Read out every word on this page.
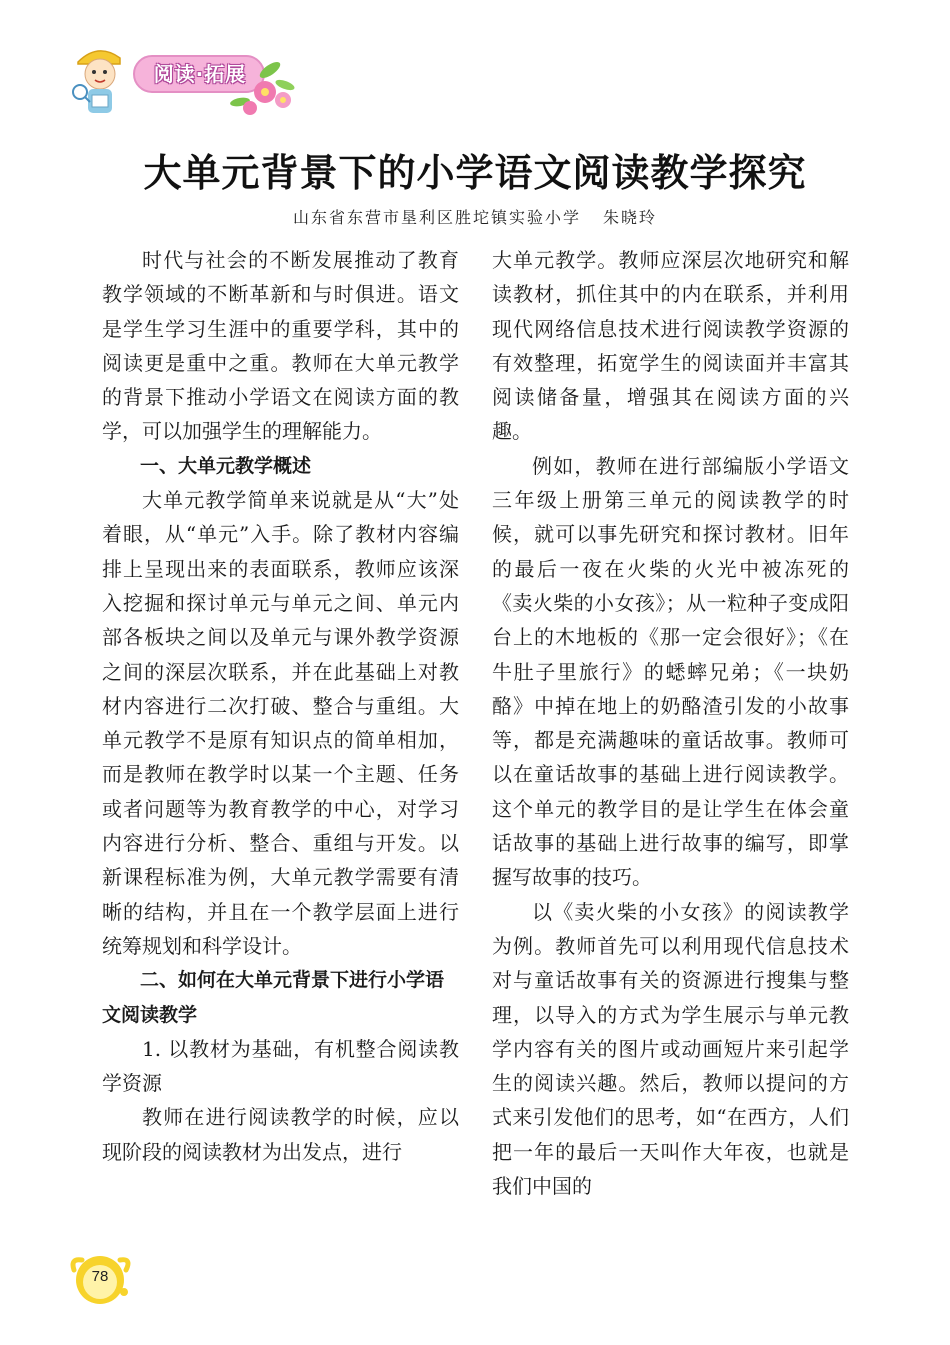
阅读·拓展
大单元背景下的小学语文阅读教学探究
山东省东营市垦利区胜坨镇实验小学 朱晓玲

时代与社会的不断发展推动了教育教学领域的不断革新和与时俱进。语文是学生学习生涯中的重要学科，其中的阅读更是重中之重。教师在大单元教学的背景下推动小学语文在阅读方面的教学，可以加强学生的理解能力。

一、大单元教学概述

大单元教学简单来说就是从“大”处着眼，从“单元”入手。除了教材内容编排上呈现出来的表面联系，教师应该深入挖掘和探讨单元与单元之间、单元内部各板块之间以及单元与课外教学资源之间的深层次联系，并在此基础上对教材内容进行二次打破、整合与重组。大单元教学不是原有知识点的简单相加，而是教师在教学时以某一个主题、任务或者问题等为教育教学的中心，对学习内容进行分析、整合、重组与开发。以新课程标准为例，大单元教学需要有清晰的结构，并且在一个教学层面上进行统筹规划和科学设计。

二、如何在大单元背景下进行小学语文阅读教学

1. 以教材为基础，有机整合阅读教学资源

教师在进行阅读教学的时候，应以现阶段的阅读教材为出发点，进行

大单元教学。教师应深层次地研究和解读教材，抓住其中的内在联系，并利用现代网络信息技术进行阅读教学资源的有效整理，拓宽学生的阅读面并丰富其阅读储备量，增强其在阅读方面的兴趣。

例如，教师在进行部编版小学语文三年级上册第三单元的阅读教学的时候，就可以事先研究和探讨教材。旧年的最后一夜在火柴的火光中被冻死的《卖火柴的小女孩》；从一粒种子变成阳台上的木地板的《那一定会很好》；《在牛肚子里旅行》的蟋蟀兄弟；《一块奶酪》中掉在地上的奶酪渣引发的小故事等，都是充满趣味的童话故事。教师可以在童话故事的基础上进行阅读教学。这个单元的教学目的是让学生在体会童话故事的基础上进行故事的编写，即掌握写故事的技巧。

以《卖火柴的小女孩》的阅读教学为例。教师首先可以利用现代信息技术对与童话故事有关的资源进行搜集与整理，以导入的方式为学生展示与单元教学内容有关的图片或动画短片来引起学生的阅读兴趣。然后，教师以提问的方式来引发他们的思考，如“在西方，人们把一年的最后一天叫作大年夜，也就是我们中国的

78
